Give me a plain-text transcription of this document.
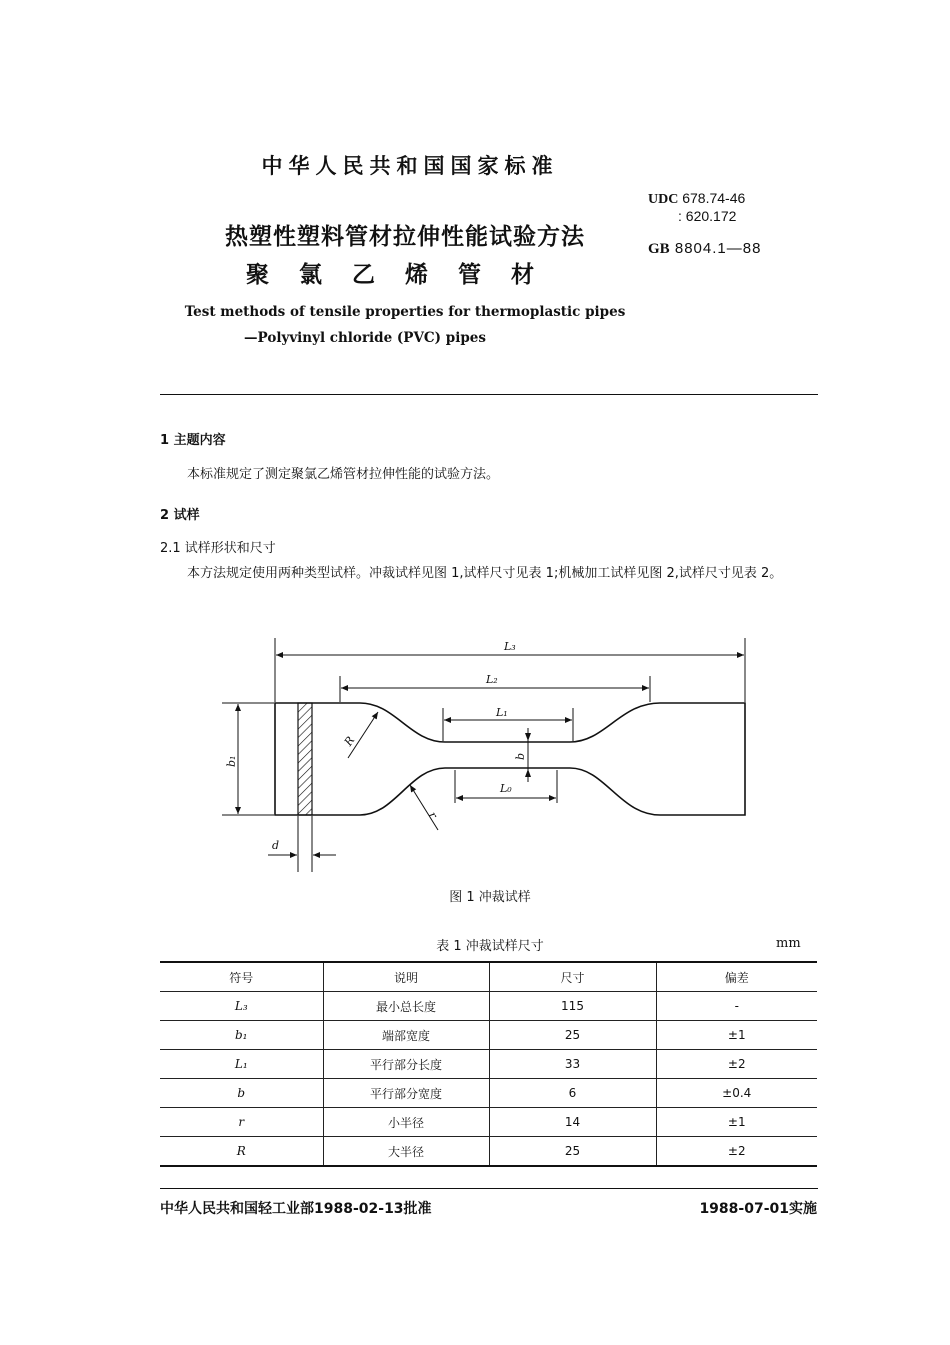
中华人民共和国国家标准
热塑性塑料管材拉伸性能试验方法
聚氯乙烯管材
Test methods of tensile properties for thermoplastic pipes
—Polyvinyl chloride (PVC) pipes
UDC 678.74-46
: 620.172
GB 8804.1—88
1 主题内容
本标准规定了测定聚氯乙烯管材拉伸性能的试验方法。
2 试样
2.1 试样形状和尺寸
本方法规定使用两种类型试样。冲裁试样见图 1,试样尺寸见表 1;机械加工试样见图 2,试样尺寸见表 2。
L₃
L₂
L₁
L₀
R
r
b
b₁
d
图 1 冲裁试样
表 1 冲裁试样尺寸	mm
符号	说明	尺寸	偏差
L₃	最小总长度	115	-
b₁	端部宽度	25	±1
L₁	平行部分长度	33	±2
b	平行部分宽度	6	±0.4
r	小半径	14	±1
R	大半径	25	±2
中华人民共和国轻工业部1988-02-13批准	1988-07-01实施
